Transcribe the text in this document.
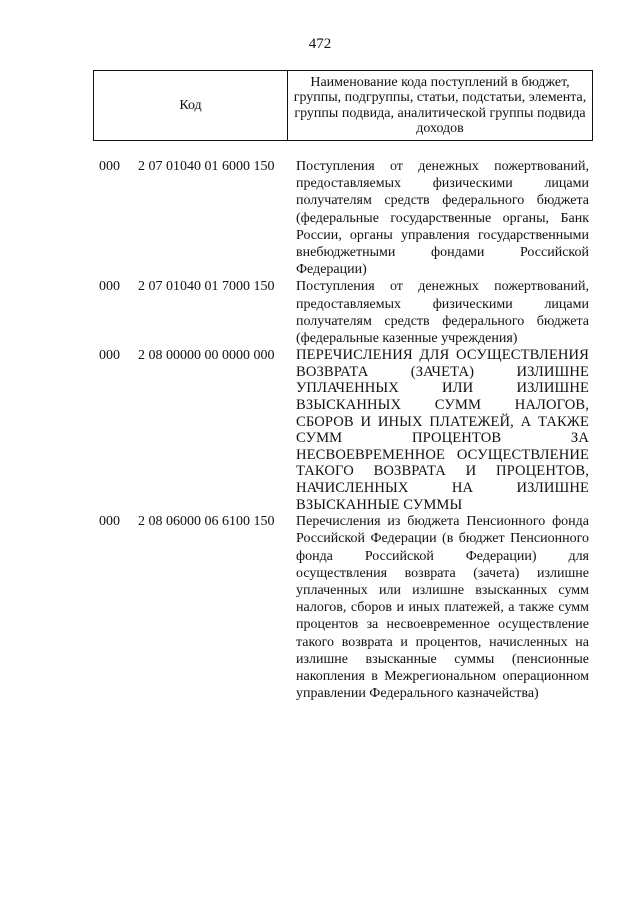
472
Код
Наименование кода поступлений в бюджет, группы, подгруппы, статьи, подстатьи, элемента, группы подвида, аналитической группы подвида доходов
000 2 07 01040 01 6000 150 Поступления от денежных пожертвований, предоставляемых физическими лицами получателям средств федерального бюджета (федеральные государственные органы, Банк России, органы управления государственными внебюджетными фондами Российской Федерации)
000 2 07 01040 01 7000 150 Поступления от денежных пожертвований, предоставляемых физическими лицами получателям средств федерального бюджета (федеральные казенные учреждения)
000 2 08 00000 00 0000 000 ПЕРЕЧИСЛЕНИЯ ДЛЯ ОСУЩЕСТВЛЕНИЯ ВОЗВРАТА (ЗАЧЕТА) ИЗЛИШНЕ УПЛАЧЕННЫХ ИЛИ ИЗЛИШНЕ ВЗЫСКАННЫХ СУММ НАЛОГОВ, СБОРОВ И ИНЫХ ПЛАТЕЖЕЙ, А ТАКЖЕ СУММ ПРОЦЕНТОВ ЗА НЕСВОЕВРЕМЕННОЕ ОСУЩЕСТВЛЕНИЕ ТАКОГО ВОЗВРАТА И ПРОЦЕНТОВ, НАЧИСЛЕННЫХ НА ИЗЛИШНЕ ВЗЫСКАННЫЕ СУММЫ
000 2 08 06000 06 6100 150 Перечисления из бюджета Пенсионного фонда Российской Федерации (в бюджет Пенсионного фонда Российской Федерации) для осуществления возврата (зачета) излишне уплаченных или излишне взысканных сумм налогов, сборов и иных платежей, а также сумм процентов за несвоевременное осуществление такого возврата и процентов, начисленных на излишне взысканные суммы (пенсионные накопления в Межрегиональном операционном управлении Федерального казначейства)
